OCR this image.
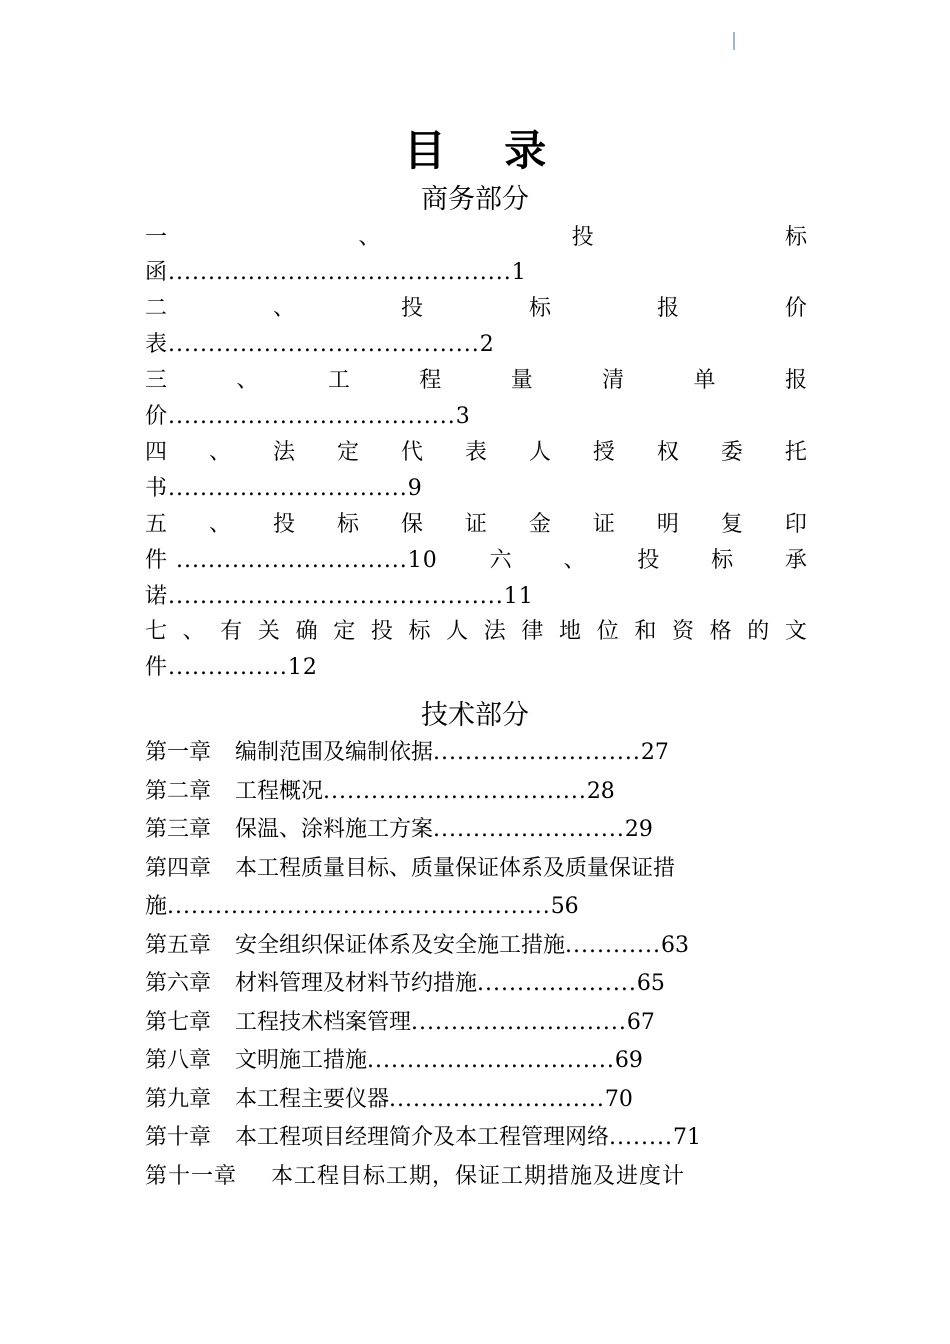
目 录
商务部分
一	、	投	标
函...........................................1
二	、	投	标	报	价
表.......................................2
三	、	工	程	量	清	单	报
价....................................3
四 、 法 定 代 表 人 授 权 委 托
书..............................9
五 、 投 标 保 证 金 证 明 复 印
件 .............................10 六 、 投 标 承
诺..........................................11
七 、 有 关 确 定 投 标 人 法 律 地 位 和 资 格 的 文
件...............12
技术部分
第一章 编制范围及编制依据..........................27
第二章 工程概况.................................28
第三章 保温、涂料施工方案........................29
第四章 本工程质量目标、质量保证体系及质量保证措
施................................................56
第五章 安全组织保证体系及安全施工措施............63
第六章 材料管理及材料节约措施....................65
第七章 工程技术档案管理...........................67
第八章 文明施工措施...............................69
第九章 本工程主要仪器...........................70
第十章 本工程项目经理简介及本工程管理网络........71
第十一章 本工程目标工期，保证工期措施及进度计
